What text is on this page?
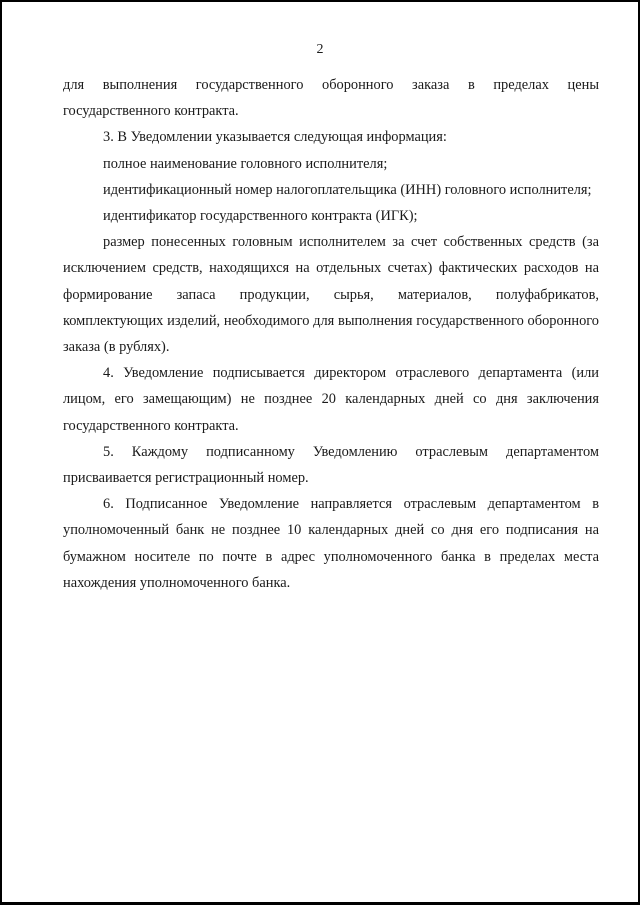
2

для выполнения государственного оборонного заказа в пределах цены государственного контракта.

3. В Уведомлении указывается следующая информация:

полное наименование головного исполнителя;

идентификационный номер налогоплательщика (ИНН) головного исполнителя;

идентификатор государственного контракта (ИГК);

размер понесенных головным исполнителем за счет собственных средств (за исключением средств, находящихся на отдельных счетах) фактических расходов на формирование запаса продукции, сырья, материалов, полуфабрикатов, комплектующих изделий, необходимого для выполнения государственного оборонного заказа (в рублях).

4. Уведомление подписывается директором отраслевого департамента (или лицом, его замещающим) не позднее 20 календарных дней со дня заключения государственного контракта.

5. Каждому подписанному Уведомлению отраслевым департаментом присваивается регистрационный номер.

6. Подписанное Уведомление направляется отраслевым департаментом в уполномоченный банк не позднее 10 календарных дней со дня его подписания на бумажном носителе по почте в адрес уполномоченного банка в пределах места нахождения уполномоченного банка.
